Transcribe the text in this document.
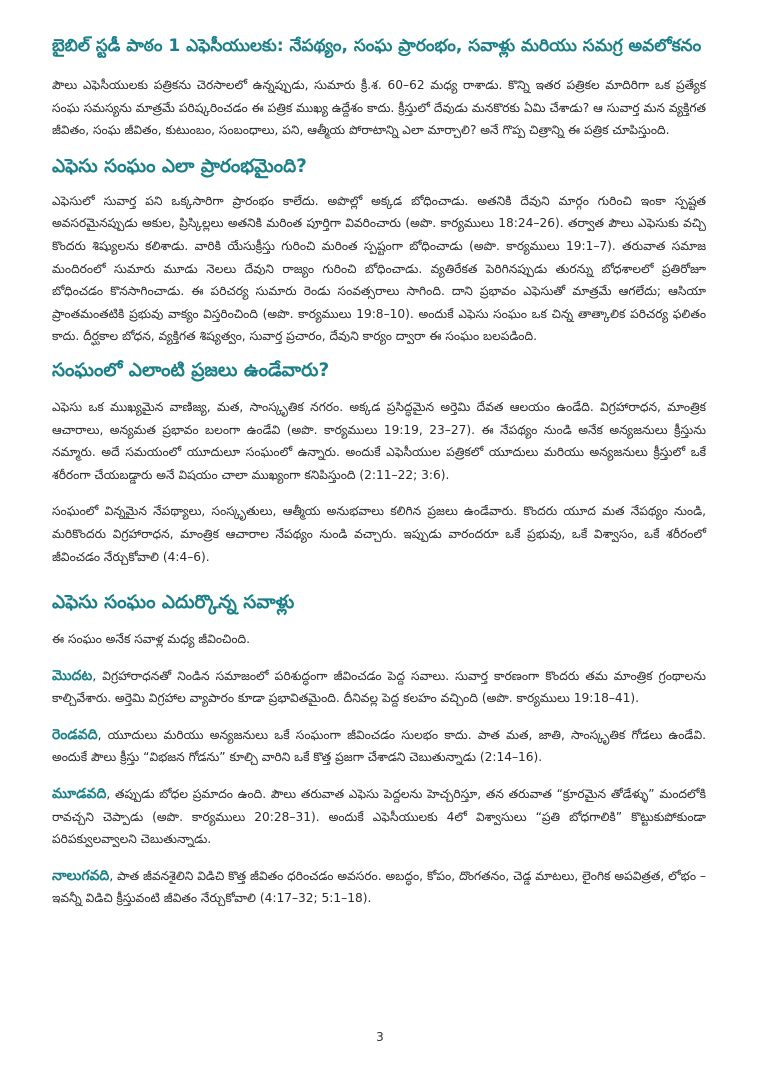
బైబిల్ స్టడీ పాఠం 1 ఎఫెసీయులకు: నేపథ్యం, సంఘ ప్రారంభం, సవాళ్లు మరియు సమగ్ర అవలోకనం

పౌలు ఎఫెసీయులకు పత్రికను చెరసాలలో ఉన్నప్పుడు, సుమారు క్రీ.శ. 60–62 మధ్య రాశాడు. కొన్ని ఇతర పత్రికల మాదిరిగా ఒక ప్రత్యేక సంఘ సమస్యను మాత్రమే పరిష్కరించడం ఈ పత్రిక ముఖ్య ఉద్దేశం కాదు. క్రీస్తులో దేవుడు మనకొరకు ఏమి చేశాడు? ఆ సువార్త మన వ్యక్తిగత జీవితం, సంఘ జీవితం, కుటుంబం, సంబంధాలు, పని, ఆత్మీయ పోరాటాన్ని ఎలా మార్చాలి? అనే గొప్ప చిత్రాన్ని ఈ పత్రిక చూపిస్తుంది.

ఎఫెసు సంఘం ఎలా ప్రారంభమైంది?

ఎఫెసులో సువార్త పని ఒక్కసారిగా ప్రారంభం కాలేదు. అపొల్లో అక్కడ బోధించాడు. అతనికి దేవుని మార్గం గురించి ఇంకా స్పష్టత అవసరమైనప్పుడు అకుల, ప్రిస్కిల్లలు అతనికి మరింత పూర్తిగా వివరించారు (అపొ. కార్యములు 18:24–26). తర్వాత పౌలు ఎఫెసుకు వచ్చి కొందరు శిష్యులను కలిశాడు. వారికి యేసుక్రీస్తు గురించి మరింత స్పష్టంగా బోధించాడు (అపొ. కార్యములు 19:1–7). తరువాత సమాజ మందిరంలో సుమారు మూడు నెలలు దేవుని రాజ్యం గురించి బోధించాడు. వ్యతిరేకత పెరిగినప్పుడు తురన్ను బోధశాలలో ప్రతిరోజూ బోధించడం కొనసాగించాడు. ఈ పరిచర్య సుమారు రెండు సంవత్సరాలు సాగింది. దాని ప్రభావం ఎఫెసుతో మాత్రమే ఆగలేదు; ఆసియా ప్రాంతమంతటికి ప్రభువు వాక్యం విస్తరించింది (అపొ. కార్యములు 19:8–10). అందుకే ఎఫెసు సంఘం ఒక చిన్న తాత్కాలిక పరిచర్య ఫలితం కాదు. దీర్ఘకాల బోధన, వ్యక్తిగత శిష్యత్వం, సువార్త ప్రచారం, దేవుని కార్యం ద్వారా ఈ సంఘం బలపడింది.

సంఘంలో ఎలాంటి ప్రజలు ఉండేవారు?

ఎఫెసు ఒక ముఖ్యమైన వాణిజ్య, మత, సాంస్కృతిక నగరం. అక్కడ ప్రసిద్ధమైన అర్తెమి దేవత ఆలయం ఉండేది. విగ్రహారాధన, మాంత్రిక ఆచారాలు, అన్యమత ప్రభావం బలంగా ఉండేవి (అపొ. కార్యములు 19:19, 23–27). ఈ నేపథ్యం నుండి అనేక అన్యజనులు క్రీస్తును నమ్మారు. అదే సమయంలో యూదులూ సంఘంలో ఉన్నారు. అందుకే ఎఫెసీయుల పత్రికలో యూదులు మరియు అన్యజనులు క్రీస్తులో ఒకే శరీరంగా చేయబడ్డారు అనే విషయం చాలా ముఖ్యంగా కనిపిస్తుంది (2:11–22; 3:6).

సంఘంలో విన్నమైన నేపథ్యాలు, సంస్కృతులు, ఆత్మీయ అనుభవాలు కలిగిన ప్రజలు ఉండేవారు. కొందరు యూద మత నేపథ్యం నుండి, మరికొందరు విగ్రహారాధన, మాంత్రిక ఆచారాల నేపథ్యం నుండి వచ్చారు. ఇప్పుడు వారందరూ ఒకే ప్రభువు, ఒకే విశ్వాసం, ఒకే శరీరంలో జీవించడం నేర్చుకోవాలి (4:4–6).

ఎఫెసు సంఘం ఎదుర్కొన్న సవాళ్లు

ఈ సంఘం అనేక సవాళ్ల మధ్య జీవించింది.

మొదట, విగ్రహారాధనతో నిండిన సమాజంలో పరిశుద్ధంగా జీవించడం పెద్ద సవాలు. సువార్త కారణంగా కొందరు తమ మాంత్రిక గ్రంథాలను కాల్చివేశారు. అర్తెమి విగ్రహాల వ్యాపారం కూడా ప్రభావితమైంది. దీనివల్ల పెద్ద కలహం వచ్చింది (అపొ. కార్యములు 19:18–41).

రెండవది, యూదులు మరియు అన్యజనులు ఒకే సంఘంగా జీవించడం సులభం కాదు. పాత మత, జాతి, సాంస్కృతిక గోడలు ఉండేవి. అందుకే పౌలు క్రీస్తు “విభజన గోడను” కూల్చి వారిని ఒకే కొత్త ప్రజగా చేశాడని చెబుతున్నాడు (2:14–16).

మూడవది, తప్పుడు బోధల ప్రమాదం ఉంది. పౌలు తరువాత ఎఫెసు పెద్దలను హెచ్చరిస్తూ, తన తరువాత “క్రూరమైన తోడేళ్ళు” మందలోకి రావచ్చని చెప్పాడు (అపొ. కార్యములు 20:28–31). అందుకే ఎఫెసీయులకు 4లో విశ్వాసులు “ప్రతి బోధగాలికి” కొట్టుకుపోకుండా పరిపక్వులవ్వాలని చెబుతున్నాడు.

నాలుగవది, పాత జీవనశైలిని విడిచి కొత్త జీవితం ధరించడం అవసరం. అబద్ధం, కోపం, దొంగతనం, చెడ్డ మాటలు, లైంగిక అపవిత్రత, లోభం – ఇవన్నీ విడిచి క్రీస్తువంటి జీవితం నేర్చుకోవాలి (4:17–32; 5:1–18).

3
